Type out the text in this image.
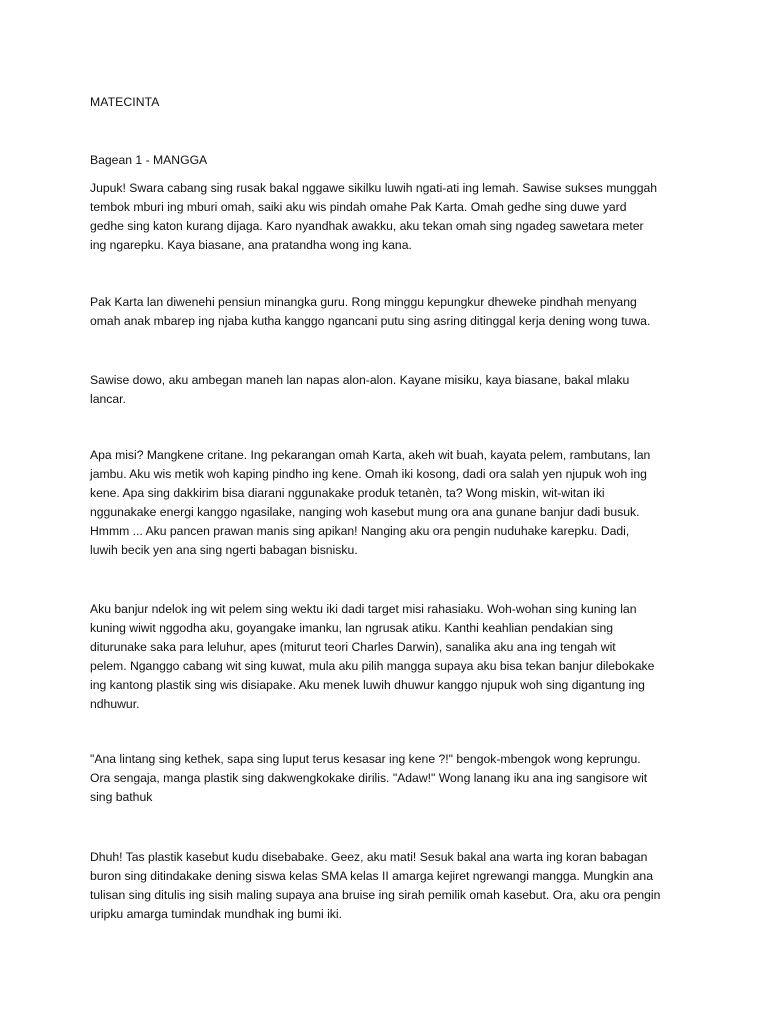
MATECINTA
Bagean 1 - MANGGA

Jupuk! Swara cabang sing rusak bakal nggawe sikilku luwih ngati-ati ing lemah. Sawise sukses munggah
tembok mburi ing mburi omah, saiki aku wis pindah omahe Pak Karta. Omah gedhe sing duwe yard
gedhe sing katon kurang dijaga. Karo nyandhak awakku, aku tekan omah sing ngadeg sawetara meter
ing ngarepku. Kaya biasane, ana pratandha wong ing kana.

Pak Karta lan diwenehi pensiun minangka guru. Rong minggu kepungkur dheweke pindhah menyang
omah anak mbarep ing njaba kutha kanggo ngancani putu sing asring ditinggal kerja dening wong tuwa.

Sawise dowo, aku ambegan maneh lan napas alon-alon. Kayane misiku, kaya biasane, bakal mlaku
lancar.

Apa misi? Mangkene critane. Ing pekarangan omah Karta, akeh wit buah, kayata pelem, rambutans, lan
jambu. Aku wis metik woh kaping pindho ing kene. Omah iki kosong, dadi ora salah yen njupuk woh ing
kene. Apa sing dakkirim bisa diarani nggunakake produk tetanèn, ta? Wong miskin, wit-witan iki
nggunakake energi kanggo ngasilake, nanging woh kasebut mung ora ana gunane banjur dadi busuk.
Hmmm ... Aku pancen prawan manis sing apikan! Nanging aku ora pengin nuduhake karepku. Dadi,
luwih becik yen ana sing ngerti babagan bisnisku.

Aku banjur ndelok ing wit pelem sing wektu iki dadi target misi rahasiaku. Woh-wohan sing kuning lan
kuning wiwit nggodha aku, goyangake imanku, lan ngrusak atiku. Kanthi keahlian pendakian sing
diturunake saka para leluhur, apes (miturut teori Charles Darwin), sanalika aku ana ing tengah wit
pelem. Nganggo cabang wit sing kuwat, mula aku pilih mangga supaya aku bisa tekan banjur dilebokake
ing kantong plastik sing wis disiapake. Aku menek luwih dhuwur kanggo njupuk woh sing digantung ing
ndhuwur.

"Ana lintang sing kethek, sapa sing luput terus kesasar ing kene ?!" bengok-mbengok wong keprungu.
Ora sengaja, manga plastik sing dakwengkokake dirilis. "Adaw!" Wong lanang iku ana ing sangisore wit
sing bathuk

Dhuh! Tas plastik kasebut kudu disebabake. Geez, aku mati! Sesuk bakal ana warta ing koran babagan
buron sing ditindakake dening siswa kelas SMA kelas II amarga kejiret ngrewangi mangga. Mungkin ana
tulisan sing ditulis ing sisih maling supaya ana bruise ing sirah pemilik omah kasebut. Ora, aku ora pengin
uripku amarga tumindak mundhak ing bumi iki.
